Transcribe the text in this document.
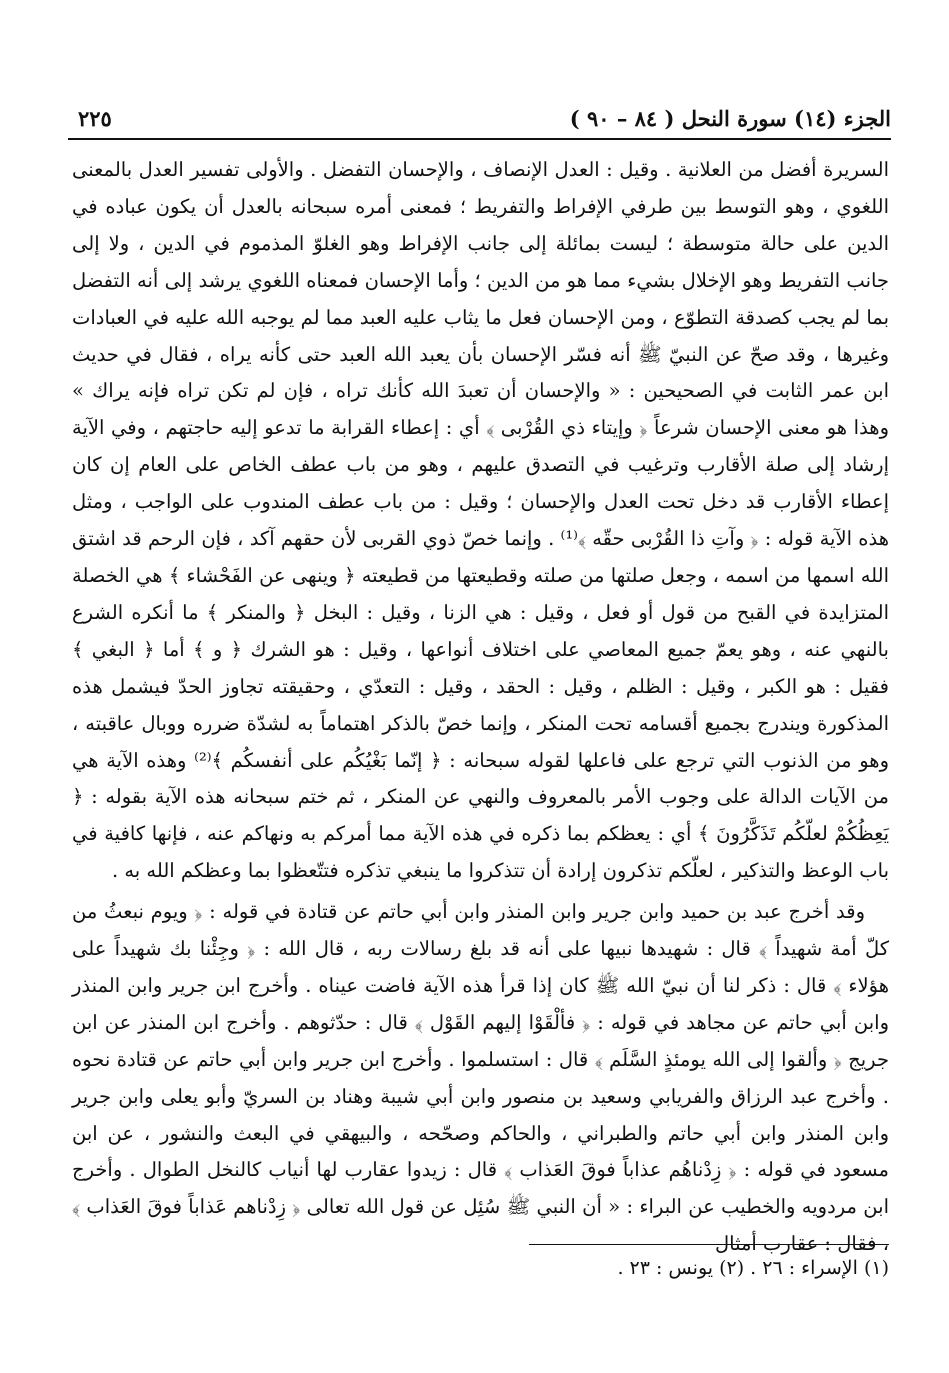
الجزء (١٤) سورة النحل ( ٨٤ – ٩٠ )
٢٢٥

السريرة أفضل من العلانية . وقيل : العدل الإنصاف ، والإحسان التفضل . والأولى تفسير العدل بالمعنى اللغوي ، وهو التوسط بين طرفي الإفراط والتفريط ؛ فمعنى أمره سبحانه بالعدل أن يكون عباده في الدين على حالة متوسطة ؛ ليست بمائلة إلى جانب الإفراط وهو الغلوّ المذموم في الدين ، ولا إلى جانب التفريط وهو الإخلال بشيء مما هو من الدين ؛ وأما الإحسان فمعناه اللغوي يرشد إلى أنه التفضل بما لم يجب كصدقة التطوّع ، ومن الإحسان فعل ما يثاب عليه العبد مما لم يوجبه الله عليه في العبادات وغيرها ، وقد صحّ عن النبيّ ﷺ أنه فسّر الإحسان بأن يعبد الله العبد حتى كأنه يراه ، فقال في حديث ابن عمر الثابت في الصحيحين : « والإحسان أن تعبدَ الله كأنك تراه ، فإن لم تكن تراه فإنه يراك » وهذا هو معنى الإحسان شرعاً ﴿ وإيتاء ذي القُرْبى ﴾ أي : إعطاء القرابة ما تدعو إليه حاجتهم ، وفي الآية إرشاد إلى صلة الأقارب وترغيب في التصدق عليهم ، وهو من باب عطف الخاص على العام إن كان إعطاء الأقارب قد دخل تحت العدل والإحسان ؛ وقيل : من باب عطف المندوب على الواجب ، ومثل هذه الآية قوله : ﴿ وآتِ ذا القُرْبى حقّه ﴾⁽¹⁾ . وإنما خصّ ذوي القربى لأن حقهم آكد ، فإن الرحم قد اشتق الله اسمها من اسمه ، وجعل صلتها من صلته وقطيعتها من قطيعته ﴿ وينهى عن الفَحْشاء ﴾ هي الخصلة المتزايدة في القبح من قول أو فعل ، وقيل : هي الزنا ، وقيل : البخل ﴿ والمنكر ﴾ ما أنكره الشرع بالنهي عنه ، وهو يعمّ جميع المعاصي على اختلاف أنواعها ، وقيل : هو الشرك ﴿ و ﴾ أما ﴿ البغي ﴾ فقيل : هو الكبر ، وقيل : الظلم ، وقيل : الحقد ، وقيل : التعدّي ، وحقيقته تجاوز الحدّ فيشمل هذه المذكورة ويندرج بجميع أقسامه تحت المنكر ، وإنما خصّ بالذكر اهتماماً به لشدّة ضرره ووبال عاقبته ، وهو من الذنوب التي ترجع على فاعلها لقوله سبحانه : ﴿ إنّما بَغْيُكُم على أنفسكُم ﴾⁽²⁾ وهذه الآية هي من الآيات الدالة على وجوب الأمر بالمعروف والنهي عن المنكر ، ثم ختم سبحانه هذه الآية بقوله : ﴿ يَعِظُكُمْ لعلّكُم تَذَكَّرُونَ ﴾ أي : يعظكم بما ذكره في هذه الآية مما أمركم به ونهاكم عنه ، فإنها كافية في باب الوعظ والتذكير ، لعلّكم تذكرون إرادة أن تتذكروا ما ينبغي تذكره فتتّعظوا بما وعظكم الله به .

وقد أخرج عبد بن حميد وابن جرير وابن المنذر وابن أبي حاتم عن قتادة في قوله : ﴿ ويوم نبعثُ من كلّ أمة شهيداً ﴾ قال : شهيدها نبيها على أنه قد بلغ رسالات ربه ، قال الله : ﴿ وجِئْنا بك شهيداً على هؤلاء ﴾ قال : ذكر لنا أن نبيّ الله ﷺ كان إذا قرأ هذه الآية فاضت عيناه . وأخرج ابن جرير وابن المنذر وابن أبي حاتم عن مجاهد في قوله : ﴿ فألْقَوْا إليهم القَوْل ﴾ قال : حدّثوهم . وأخرج ابن المنذر عن ابن جريج ﴿ وألقوا إلى الله يومئذٍ السَّلَم ﴾ قال : استسلموا . وأخرج ابن جرير وابن أبي حاتم عن قتادة نحوه . وأخرج عبد الرزاق والفريابي وسعيد بن منصور وابن أبي شيبة وهناد بن السريّ وأبو يعلى وابن جرير وابن المنذر وابن أبي حاتم والطبراني ، والحاكم وصحّحه ، والبيهقي في البعث والنشور ، عن ابن مسعود في قوله : ﴿ زِدْناهُم عذاباً فوقَ العَذاب ﴾ قال : زيدوا عقارب لها أنياب كالنخل الطوال . وأخرج ابن مردويه والخطيب عن البراء : « أن النبي ﷺ سُئِل عن قول الله تعالى ﴿ زِدْناهم عَذاباً فوقَ العَذاب ﴾ ، فقال : عقارب أمثال

(١) الإسراء : ٢٦ . (٢) يونس : ٢٣ .
